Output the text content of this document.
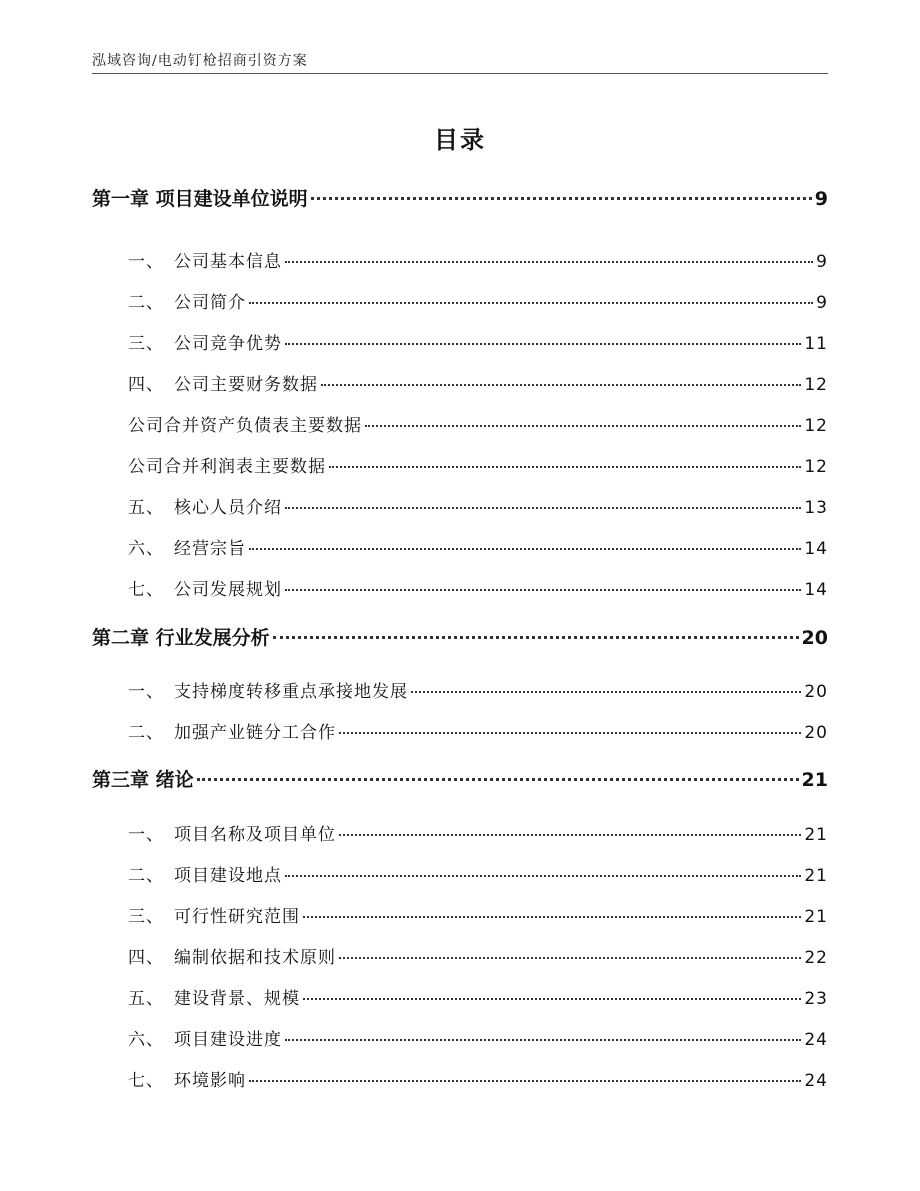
泓域咨询/电动钉枪招商引资方案
目录
第一章 项目建设单位说明	9
一、 公司基本信息	9
二、 公司简介	9
三、 公司竞争优势	11
四、 公司主要财务数据	12
公司合并资产负债表主要数据	12
公司合并利润表主要数据	12
五、 核心人员介绍	13
六、 经营宗旨	14
七、 公司发展规划	14
第二章 行业发展分析	20
一、 支持梯度转移重点承接地发展	20
二、 加强产业链分工合作	20
第三章 绪论	21
一、 项目名称及项目单位	21
二、 项目建设地点	21
三、 可行性研究范围	21
四、 编制依据和技术原则	22
五、 建设背景、规模	23
六、 项目建设进度	24
七、 环境影响	24
